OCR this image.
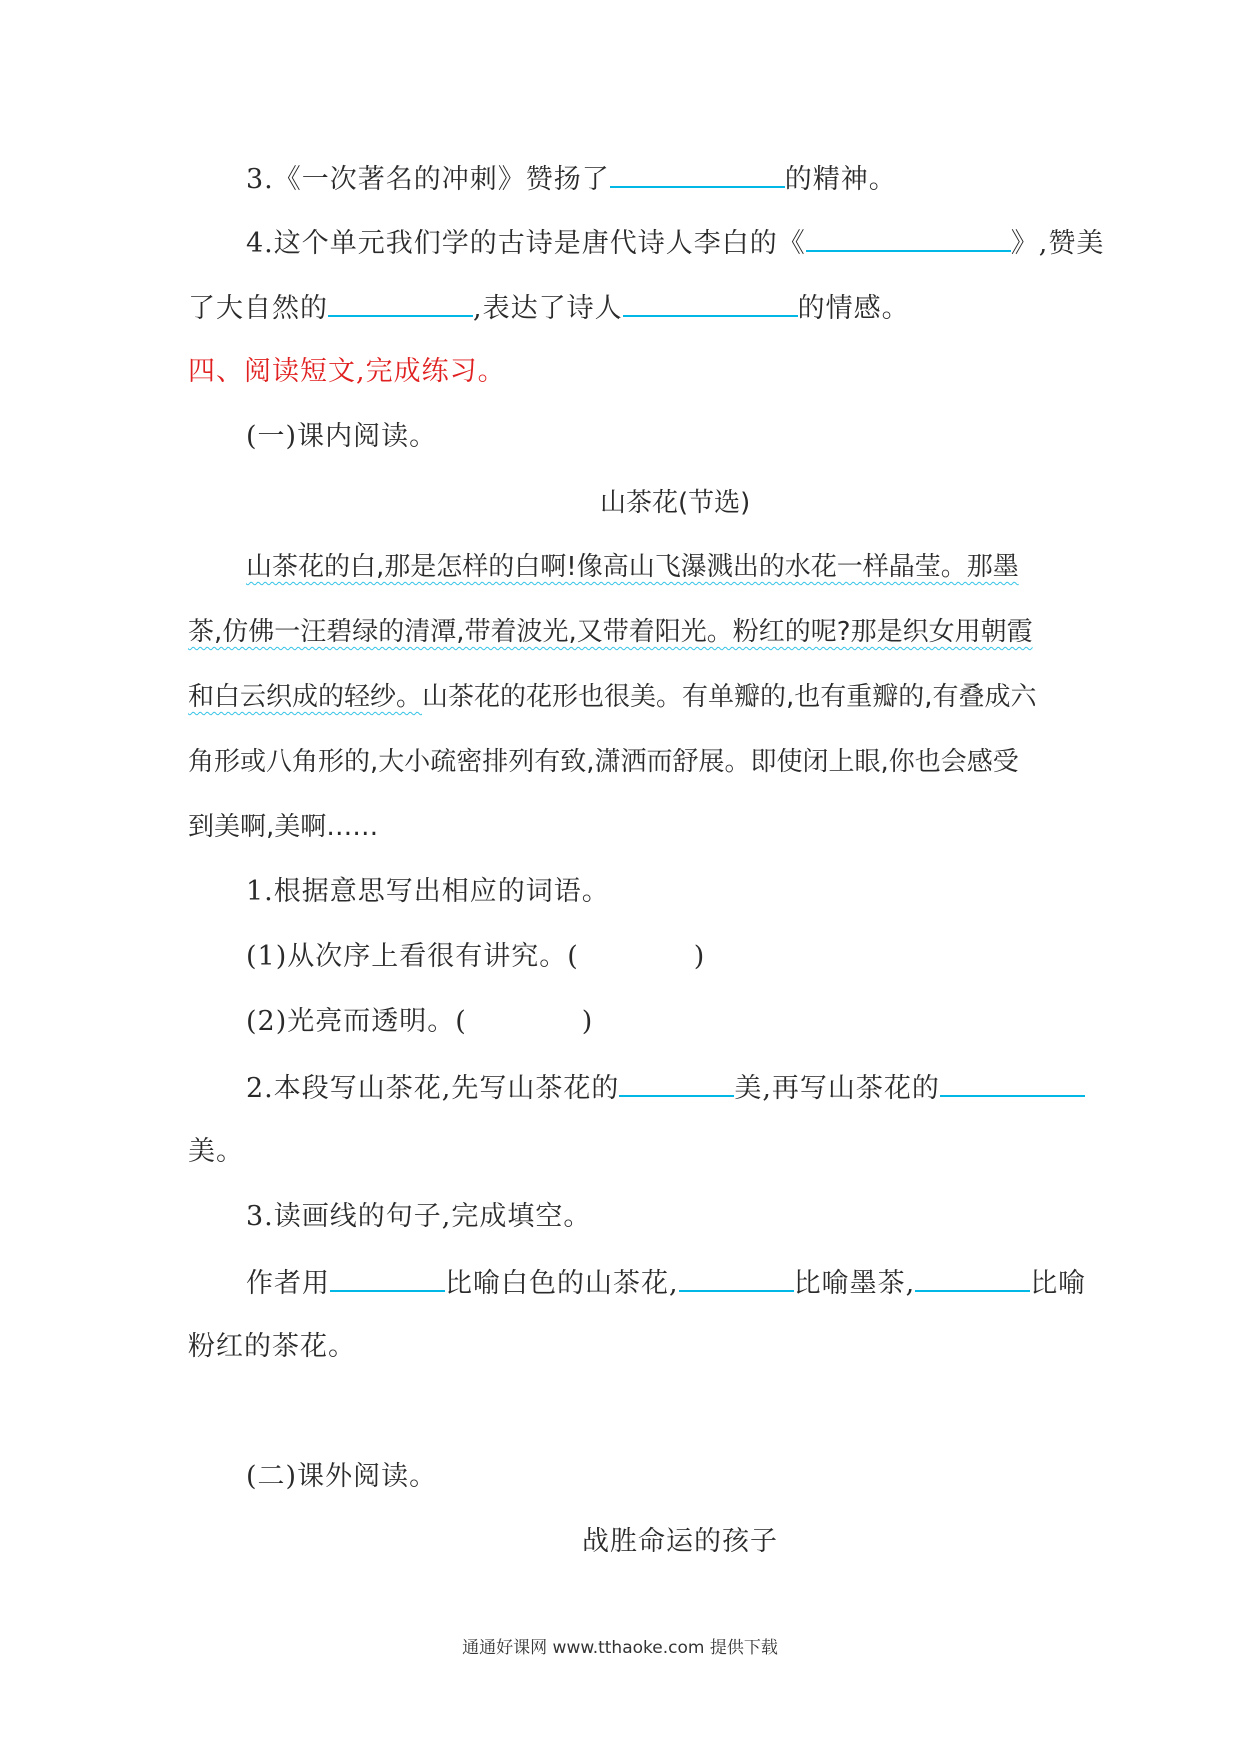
3.《一次著名的冲刺》赞扬了	的精神。
4.这个单元我们学的古诗是唐代诗人李白的《	》,赞美
了大自然的	,表达了诗人	的情感。
四、阅读短文,完成练习。
(一)课内阅读。
山茶花(节选)
山茶花的白,那是怎样的白啊!像高山飞瀑溅出的水花一样晶莹。那墨
茶,仿佛一汪碧绿的清潭,带着波光,又带着阳光。粉红的呢?那是织女用朝霞
和白云织成的轻纱。山茶花的花形也很美。有单瓣的,也有重瓣的,有叠成六
角形或八角形的,大小疏密排列有致,潇洒而舒展。即使闭上眼,你也会感受
到美啊,美啊……
1.根据意思写出相应的词语。
(1)从次序上看很有讲究。(	)
(2)光亮而透明。(	)
2.本段写山茶花,先写山茶花的	美,再写山茶花的
美。
3.读画线的句子,完成填空。
作者用	比喻白色的山茶花,	比喻墨茶,	比喻
粉红的茶花。
(二)课外阅读。
战胜命运的孩子
通通好课网 www.tthaoke.com 提供下载
